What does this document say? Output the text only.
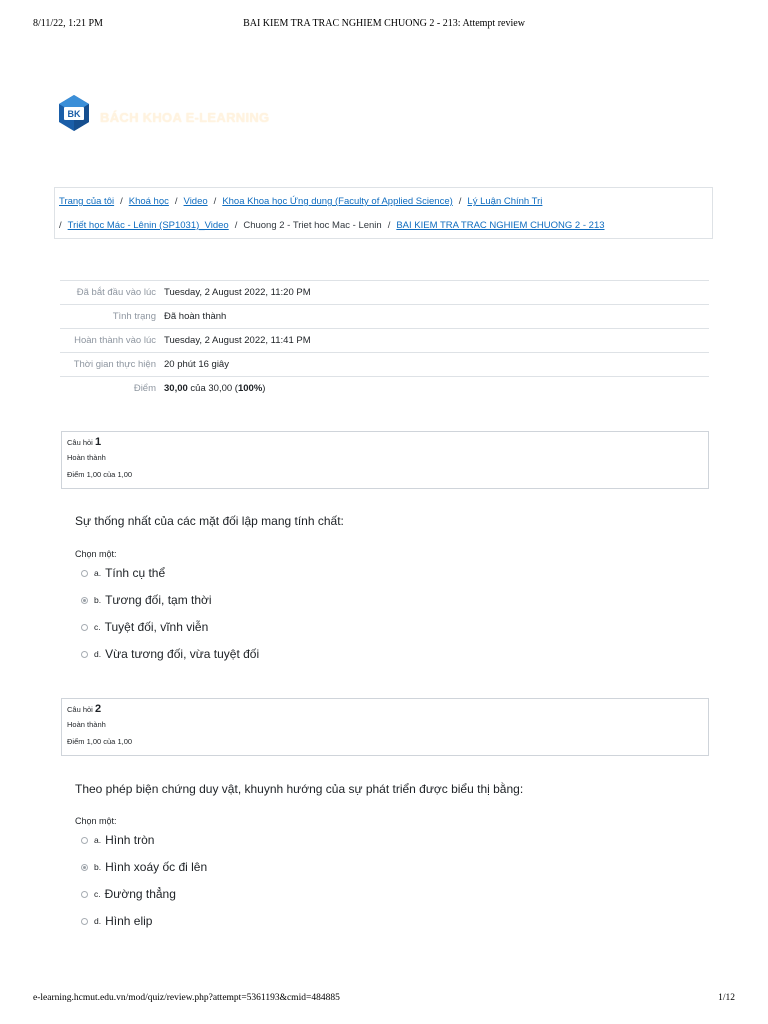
8/11/22, 1:21 PM	BAI KIEM TRA TRAC NGHIEM CHUONG 2 - 213: Attempt review
BK BÁCH KHOA E-LEARNING
Trang của tôi / Khoá học / Video / Khoa Khoa học Ứng dụng (Faculty of Applied Science) / Lý Luận Chính Trị
/ Triết học Mác - Lênin (SP1031)_Video / Chuong 2 - Triet hoc Mac - Lenin / BAI KIEM TRA TRAC NGHIEM CHUONG 2 - 213
Đã bắt đầu vào lúc Tuesday, 2 August 2022, 11:20 PM
Tình trạng Đã hoàn thành
Hoàn thành vào lúc Tuesday, 2 August 2022, 11:41 PM
Thời gian thực hiện 20 phút 16 giây
Điểm 30,00 của 30,00 (100%)
Câu hỏi 1
Hoàn thành
Điểm 1,00 của 1,00
Sự thống nhất của các mặt đối lập mang tính chất:
Chọn một:
a. Tính cụ thể
b. Tương đối, tạm thời
c. Tuyệt đối, vĩnh viễn
d. Vừa tương đối, vừa tuyệt đối
Câu hỏi 2
Hoàn thành
Điểm 1,00 của 1,00
Theo phép biện chứng duy vật, khuynh hướng của sự phát triển được biểu thị bằng:
Chọn một:
a. Hình tròn
b. Hình xoáy ốc đi lên
c. Đường thẳng
d. Hình elip
e-learning.hcmut.edu.vn/mod/quiz/review.php?attempt=5361193&cmid=484885	1/12
